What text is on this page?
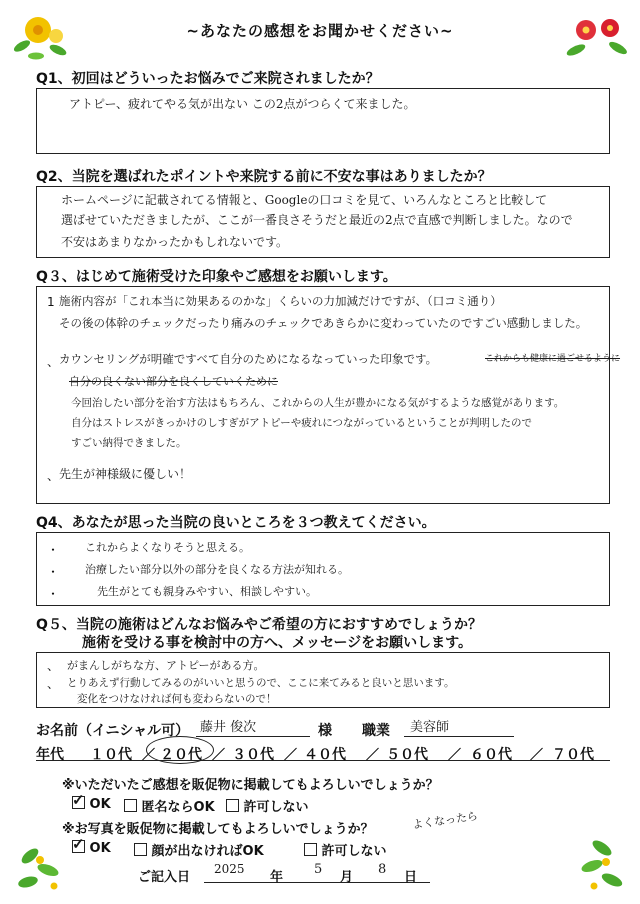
~あなたの感想をお聞かせください~
Q1、初回はどういったお悩みでご来院されましたか？
アトピー、疲れてやる気が出ない この2点がつらくて来ました。
Q2、当院を選ばれたポイントや来院する前に不安な事はありましたか？
ホームページに記載されてる情報と、Googleの口コミを見て、いろんなところと比較して
選ばせていただきましたが、ここが一番良さそうだと最近の2点で直感で判断しました。なので
不安はあまりなかったかもしれないです。
Q３、はじめて施術受けた印象やご感想をお願いします。
1 施術内容が「これ本当に効果あるのかな」くらいの力加減だけですが、（口コミ通り）
その後の体幹のチェックだったり痛みのチェックであきらかに変わっていたのですごい感動しました。
、 カウンセリングが明確ですべて自分のためになるなっていった印象です。	これからも健康に過ごせるように
自分の良くない部分を良くしていくために
今回治したい部分を治す方法はもちろん、これからの人生が豊かになる気がするような感覚があります。
自分はストレスがきっかけのしすぎがアトピーや疲れにつながっているということが判明したので
すごい納得できました。
、 先生が神様級に優しい！
Q4、あなたが思った当院の良いところを３つ教えてください。
・ これからよくなりそうと思える。
・ 治療したい部分以外の部分を良くなる方法が知れる。
・	先生がとても親身みやすい、相談しやすい。
Q５、当院の施術はどんなお悩みやご希望の方におすすめでしょうか？
施術を受ける事を検討中の方へ、メッセージをお願いします。
、 がまんしがちな方、アトピーがある方。
、 とりあえず行動してみるのがいいと思うので、ここに来てみると良いと思います。
変化をつけなければ何も変わらないので！
お名前（イニシャル可） 藤井 俊次	様 職業 美容師
年代 １０代 ／ ２０代 ／ ３０代 ／ ４０代 ／ ５０代 ／ ６０代 ／ ７０代
※いただいたご感想を販促物に掲載してもよろしいでしょうか？
✓ OK	匿名ならOK	許可しない
※お写真を販促物に掲載してもよろしいでしょうか？	よくなったら
✓ OK	顔が出なければOK	許可しない
ご記入日
2025
年
5
月
8
日
